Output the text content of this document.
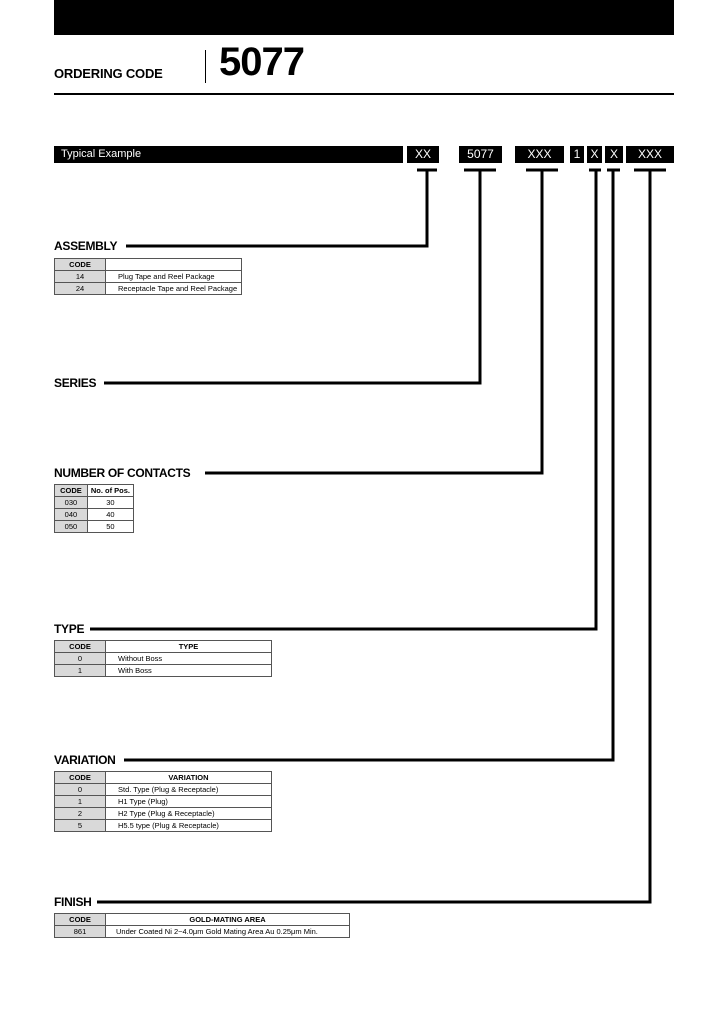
ORDERING CODE 5077
Typical Example	XX	5077	XXX	1 X X	XXX
ASSEMBLY
CODE	
14	Plug Tape and Reel Package
24	Receptacle Tape and Reel Package
SERIES
NUMBER OF CONTACTS
CODE	No. of Pos.
030	30
040	40
050	50
TYPE
CODE	TYPE
0	Without Boss
1	With Boss
VARIATION
CODE	VARIATION
0	Std. Type (Plug & Receptacle)
1	H1 Type (Plug)
2	H2 Type (Plug & Receptacle)
5	H5.5 type (Plug & Receptacle)
FINISH
CODE	GOLD-MATING AREA
861	Under Coated Ni 2~4.0μm Gold Mating Area Au 0.25μm Min.
